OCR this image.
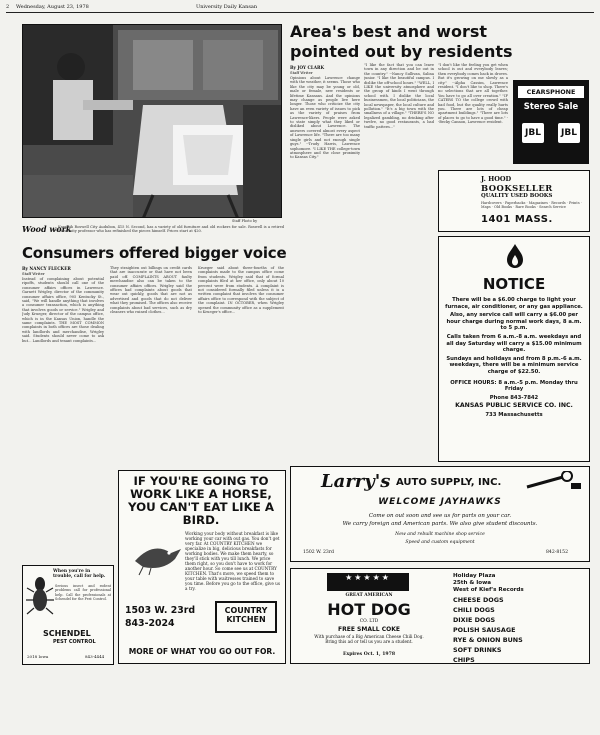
2 Wednesday, August 23, 1978	University Daily Kansan
Staff Photo by
Wood work
Kenneth Roswell City Audubon, 415 N. Second, has a variety of old furniture and old rockers for sale. Roswell is a retired University professor who has refinished the pieces himself. Prices start at $20.
Consumers offered bigger voice
By NANCY FLECKER
Staff Writer
Instead of complaining about potential ripoffs, students should call one of the consumer affairs offices in Lawrence. Garnett Wrigley, director of the community consumer affairs office, 905 Kentucky St., said, "We will handle anything that involves a consumer transaction, which is anything that involves goods or service." Wrigley and Judy Krueger, director of the campus office, which is in the Kansas Union, handle the same complaints. THE MOST COMMON complaints in both offices are those dealing with landlords and merchandise, Wrigley said. Students should never come to ask but... Landlords and tenant complaints...
They straighten out billings on credit cards that are inaccurate or that have not been paid off. COMPLAINTS ABOUT faulty merchandise also can be taken to the consumer affairs offices. Wrigley said the offices had complaints about goods that wear out quickly, goods that are not as advertised and goods that do not deliver what they promised. The offices also receive complaints about bad services, such as dry cleaners who ruined clothes...
Krueger said about three-fourths of the complaints made to the campus office come from students. Wrigley said that of formal complaints filed at her office, only about 10 percent were from students. A complaint is not considered formally filed unless it is a written complaint that involves the consumer affairs office to correspond with the subject of the complaint. IN OCTOBER, when Wrigley opened the community office as a supplement to Krueger's office...
Area's best and worst
pointed out by residents
By JOY CLARK
Staff Writer
Opinions about Lawrence change with the weather, it seems. Those who like the city may be young or old, male or female, new residents or lifetime Kansans. And the opinions may change as people live here longer. Those who criticize the city have an even variety of issues to pick as the variety of praises from Lawrence-likers. People were asked to state simply what they liked or disliked about Lawrence. The answers covered almost every aspect of Lawrence life. "There are too many single girls and not enough single guys." --Trudy Harris, Lawrence sophomore. "I LIKE THE college-town atmosphere and the close proximity to Kansas City."
"I like the fact that you can leave town in any direction and be out in the country." --Nancy Sullivan, Salina junior. "I like the beautiful campus. I dislike the off-school hours." "WELL, I LIKE the university atmosphere and the group of kinds I went through school with. I dislike the local businessmen, the local politicians, the local newspaper, the local culture and pollution." "It's a big town with the smallness of a village." "THERE'S NO legalized gambling, no drinking after twelve, no good restaurants, a bad traffic pattern..."
"I don't like the feeling you get when school is out and everybody leaves; then everybody comes back in droves. But it's growing on me slowly as a city." --Alpha Cassim, Lawrence resident. "I don't like to shop. There's no selections that are all together. You have to go all over creation." "IF CATERS TO the college crowd with bad food, but the quality really hurts you. There are lots of cheap apartment buildings." "There are lots of places to go to have a good time." --Becky Cannon, Lawrence resident.
CEARSPHONE
Stereo Sale
JBL	JBL
J. HOOD
BOOKSELLER
QUALITY USED BOOKS
Hardcovers · Paperbacks · Magazines · Records · Prints · Maps · Old Books · Rare Books · Search Service
1401 MASS.
NOTICE

There will be a $6.00 charge to light your furnace, air conditioner, or any gas appliance.

Also, any service call will carry a $6.00 per hour charge during normal work days, 8 a.m. to 5 p.m.

Calls taken from 6 a.m.-8 a.m. weekdays and all day Saturday will carry a $15.00 minimum charge.

Sundays and holidays and from 8 p.m.-6 a.m. weekdays, there will be a minimum service charge of $22.50.

OFFICE HOURS: 8 a.m.-5 p.m. Monday thru Friday

Phone 843-7842

KANSAS PUBLIC SERVICE CO. INC.

733 Massachusetts

Larry's AUTO SUPPLY, INC.
WELCOME JAYHAWKS
Come on out soon and see us for parts on your car.
We carry foreign and American parts. We also give student discounts.
New and rebuilt machine shop service
Speed and custom equipment
1502 W. 23rd	842-8152
IF YOU'RE GOING TO WORK LIKE A HORSE, YOU CAN'T EAT LIKE A BIRD.
Working your body without breakfast is like working your car with out gas. You don't get very far. At COUNTRY KITCHEN we specialize in big, delicious breakfasts for working bodies. We make them hearty, so they'll stick with you till lunch. We price them right, so you don't have to work for another hour. So come see us at COUNTRY KITCHEN. That's more, we speed them to your table with waitresses trained to save you time. Before you go to the office, give us a try.
1503 W. 23rd
843-2024
COUNTRY
KITCHEN
MORE OF WHAT YOU GO OUT FOR.
When you're in trouble, call for help.
Serious insect and rodent problems call for professional help. Call the professionals at Schendel for the Pest Control.
SCHENDEL
PEST CONTROL
2018 Iowa	843-4444
★★★★★
GREAT AMERICAN
HOT DOG
CO. LTD
FREE SMALL COKE
With purchase of a Big American Cheese Chili Dog. Bring this ad or tell us you are a student.
Expires Oct. 1, 1978
Holiday Plaza
25th & Iowa
West of Kief's Records
CHEESE DOGS
CHILI DOGS
DIXIE DOGS
POLISH SAUSAGE
RYE & ONION BUNS
SOFT DRINKS
CHIPS
